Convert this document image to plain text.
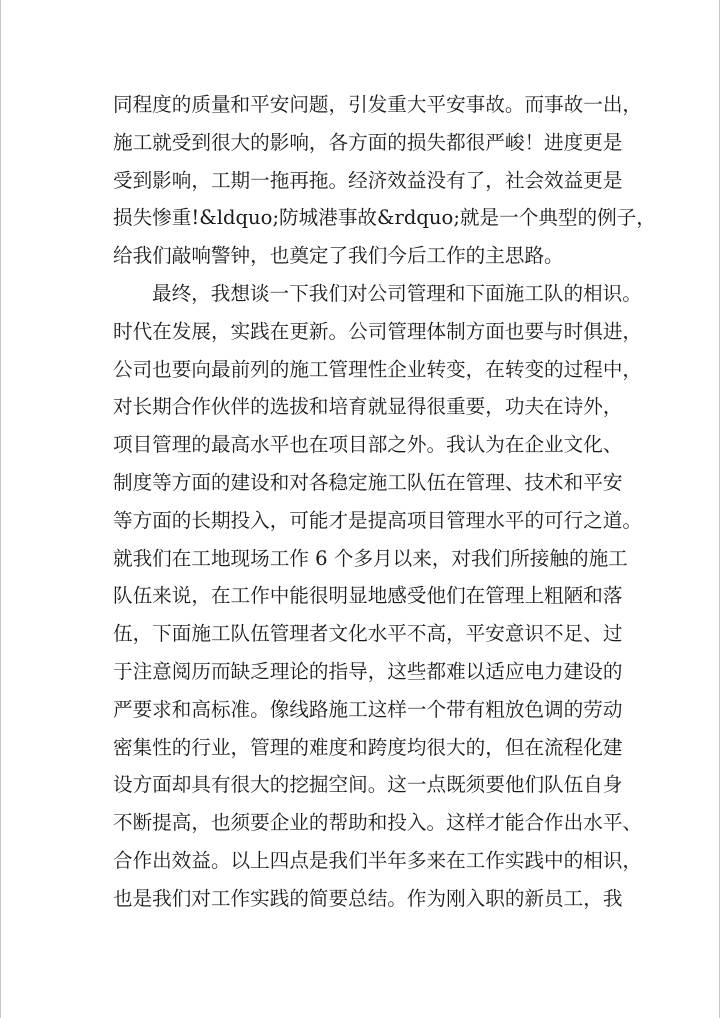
同程度的质量和平安问题，引发重大平安事故。而事故一出，
施工就受到很大的影响，各方面的损失都很严峻！进度更是
受到影响，工期一拖再拖。经济效益没有了，社会效益更是
损失惨重!&ldquo;防城港事故&rdquo;就是一个典型的例子，
给我们敲响警钟，也奠定了我们今后工作的主思路。
最终，我想谈一下我们对公司管理和下面施工队的相识。
时代在发展，实践在更新。公司管理体制方面也要与时俱进，
公司也要向最前列的施工管理性企业转变，在转变的过程中，
对长期合作伙伴的选拔和培育就显得很重要，功夫在诗外，
项目管理的最高水平也在项目部之外。我认为在企业文化、
制度等方面的建设和对各稳定施工队伍在管理、技术和平安
等方面的长期投入，可能才是提高项目管理水平的可行之道。
就我们在工地现场工作 6 个多月以来，对我们所接触的施工
队伍来说，在工作中能很明显地感受他们在管理上粗陋和落
伍，下面施工队伍管理者文化水平不高，平安意识不足、过
于注意阅历而缺乏理论的指导，这些都难以适应电力建设的
严要求和高标准。像线路施工这样一个带有粗放色调的劳动
密集性的行业，管理的难度和跨度均很大的，但在流程化建
设方面却具有很大的挖掘空间。这一点既须要他们队伍自身
不断提高，也须要企业的帮助和投入。这样才能合作出水平、
合作出效益。以上四点是我们半年多来在工作实践中的相识，
也是我们对工作实践的简要总结。作为刚入职的新员工，我
